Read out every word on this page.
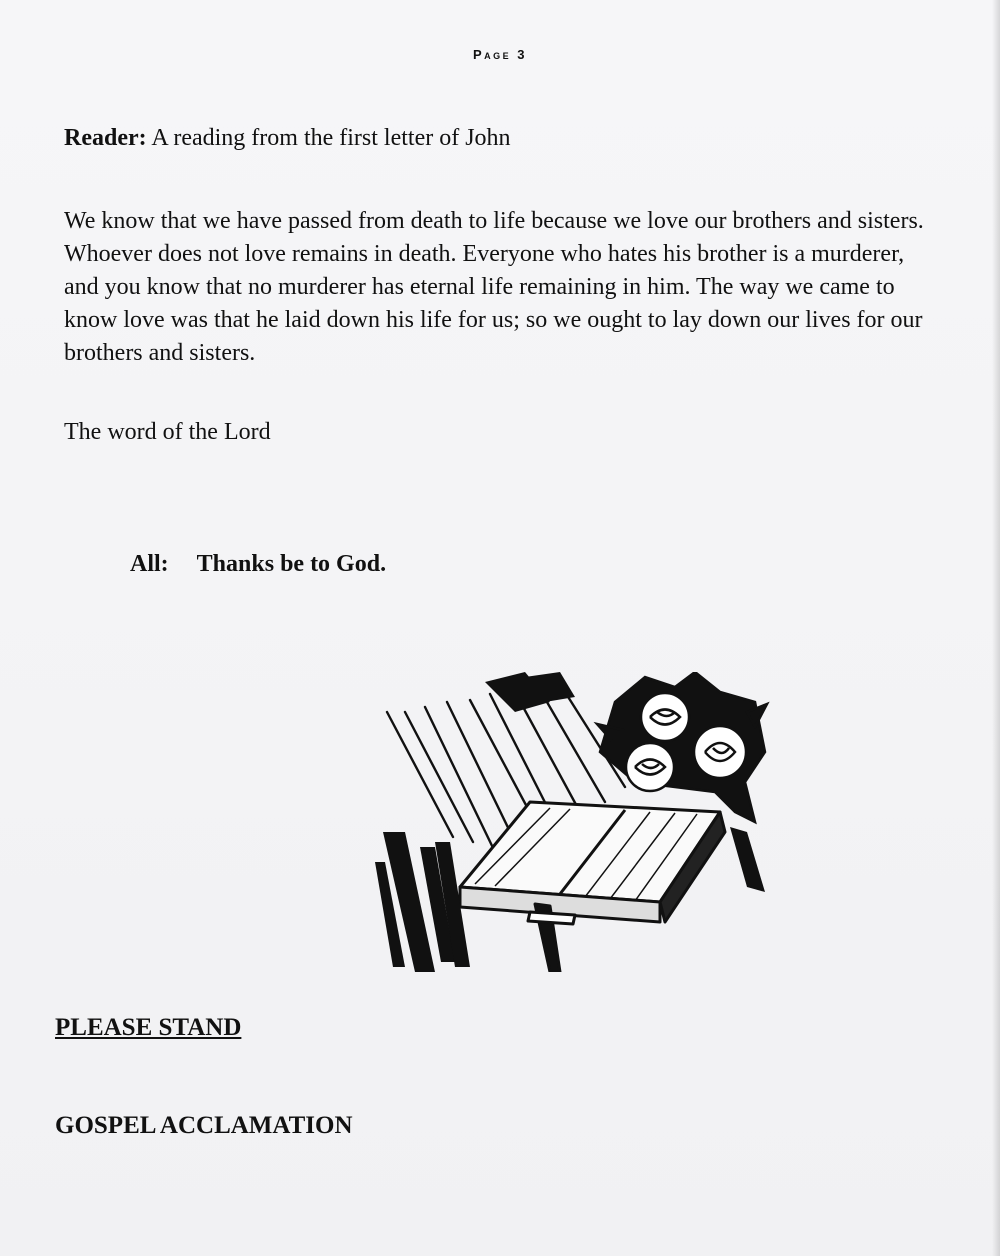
Page 3
Reader: A reading from the first letter of John

We know that we have passed from death to life because we love our brothers and sisters. Whoever does not love remains in death. Everyone who hates his brother is a murderer, and you know that no murderer has eternal life remaining in him. The way we came to know love was that he laid down his life for us; so we ought to lay down our lives for our brothers and sisters.

The word of the Lord
All: Thanks be to God.
PLEASE STAND
GOSPEL ACCLAMATION
